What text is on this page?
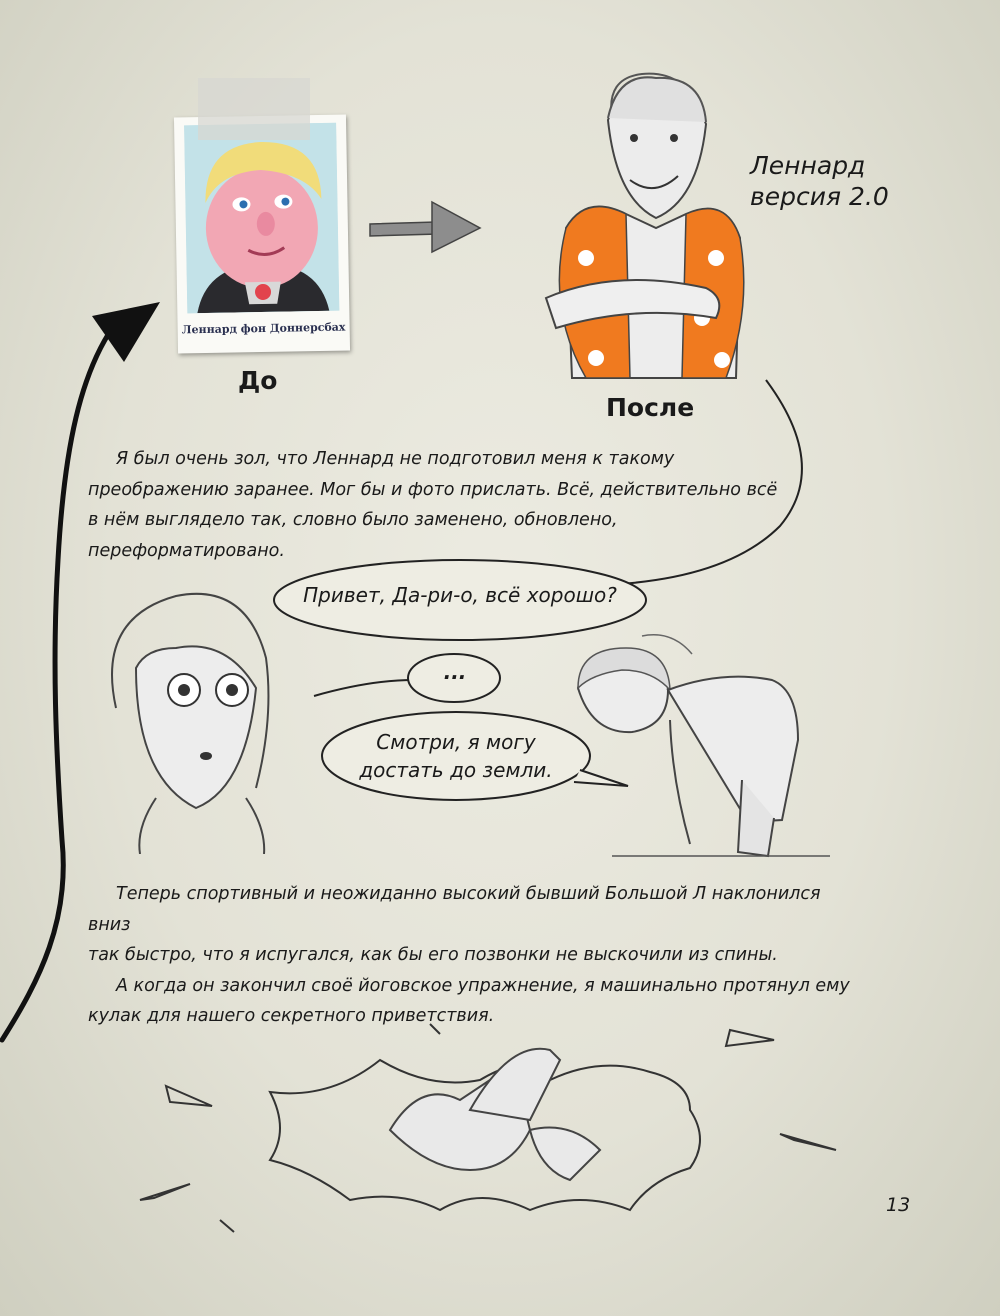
Леннард фон Доннерсбах
Леннард
версия 2.0
До
После
Я был очень зол, что Леннард не подготовил меня к такому
преображению заранее. Мог бы и фото прислать. Всё, действительно всё
в нём выглядело так, словно было заменено, обновлено, переформатировано.
Привет, Да-ри-о, всё хорошо?
...
Смотри, я могу
достать до земли.
Теперь спортивный и неожиданно высокий бывший Большой Л наклонился вниз
так быстро, что я испугался, как бы его позвонки не выскочили из спины.
А когда он закончил своё йоговское упражнение, я машинально протянул ему
кулак для нашего секретного приветствия.
13
